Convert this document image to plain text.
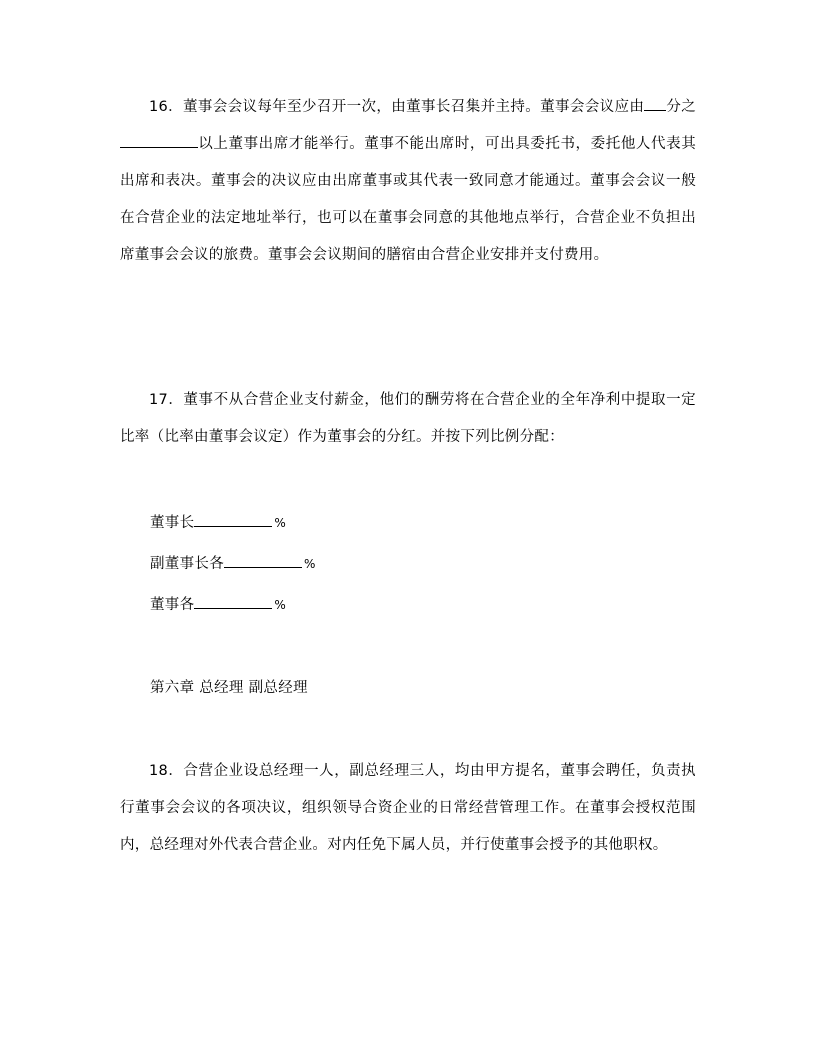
16．董事会会议每年至少召开一次，由董事长召集并主持。董事会会议应由 分之以上董事出席才能举行。董事不能出席时，可出具委托书，委托他人代表其出席和表决。董事会的决议应由出席董事或其代表一致同意才能通过。董事会会议一般在合营企业的法定地址举行，也可以在董事会同意的其他地点举行，合营企业不负担出席董事会会议的旅费。董事会会议期间的膳宿由合营企业安排并支付费用。

17．董事不从合营企业支付薪金，他们的酬劳将在合营企业的全年净利中提取一定比率（比率由董事会议定）作为董事会的分红。并按下列比例分配：

董事长	%

副董事长各	%

董事各	%

第六章 总经理 副总经理

18．合营企业设总经理一人，副总经理三人，均由甲方提名，董事会聘任，负责执行董事会会议的各项决议，组织领导合资企业的日常经营管理工作。在董事会授权范围内，总经理对外代表合营企业。对内任免下属人员，并行使董事会授予的其他职权。
